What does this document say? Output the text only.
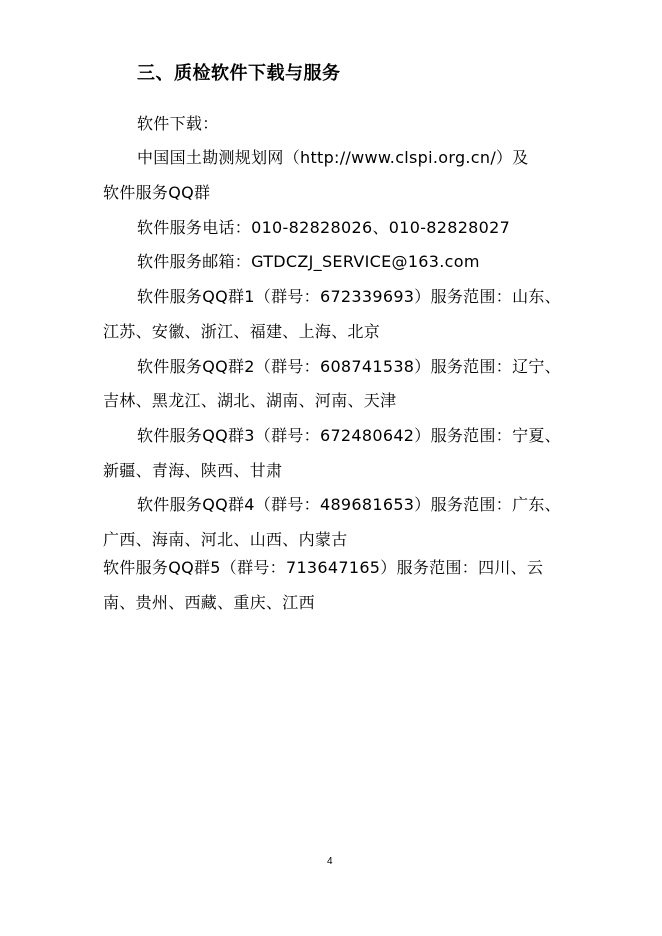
三、质检软件下载与服务
软件下载：
中国国土勘测规划网（http://www.clspi.org.cn/）及
软件服务QQ群
软件服务电话：010-82828026、010-82828027
软件服务邮箱：GTDCZJ_SERVICE@163.com
软件服务QQ群1（群号：672339693）服务范围：山东、
江苏、安徽、浙江、福建、上海、北京
软件服务QQ群2（群号：608741538）服务范围：辽宁、
吉林、黑龙江、湖北、湖南、河南、天津
软件服务QQ群3（群号：672480642）服务范围：宁夏、
新疆、青海、陕西、甘肃
软件服务QQ群4（群号：489681653）服务范围：广东、
广西、海南、河北、山西、内蒙古
软件服务QQ群5（群号：713647165）服务范围：四川、云
南、贵州、西藏、重庆、江西
4
